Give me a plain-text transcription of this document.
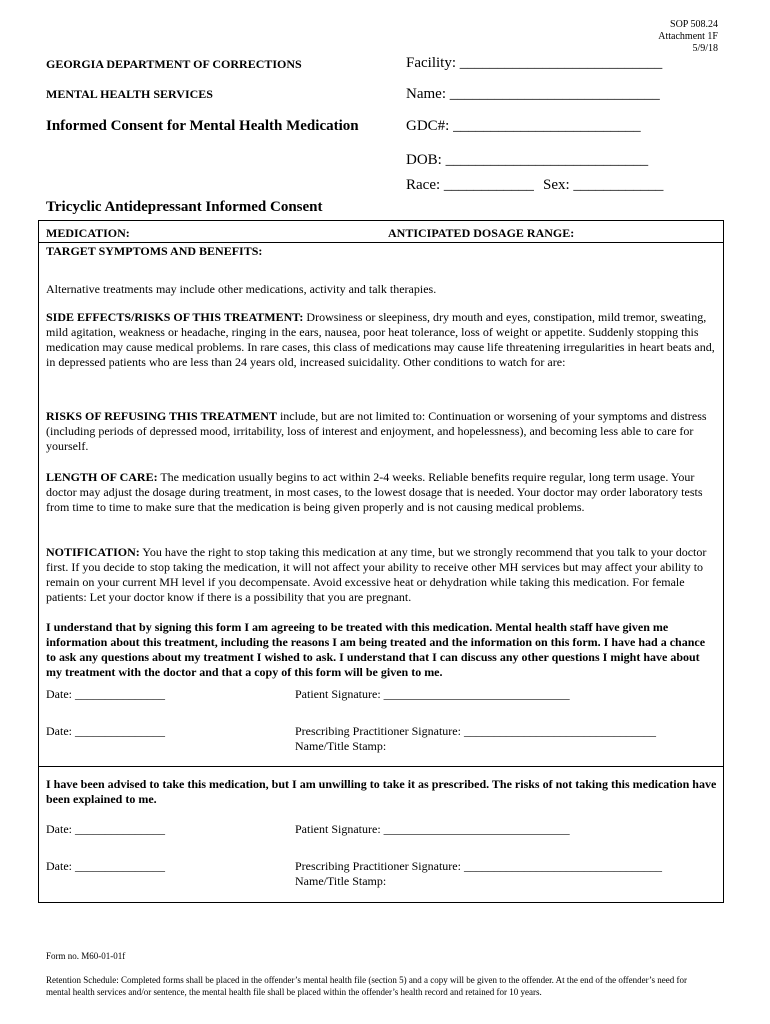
SOP 508.24
Attachment 1F
5/9/18
GEORGIA DEPARTMENT OF CORRECTIONS
MENTAL HEALTH SERVICES
Informed Consent for Mental Health Medication
Tricyclic Antidepressant Informed Consent
Facility: ___________________________
Name: ____________________________
GDC#: _________________________
DOB: ___________________________
Race: ____________ Sex: ____________
MEDICATION:	ANTICIPATED DOSAGE RANGE:
TARGET SYMPTOMS AND BENEFITS:
Alternative treatments may include other medications, activity and talk therapies.
SIDE EFFECTS/RISKS OF THIS TREATMENT: Drowsiness or sleepiness, dry mouth and eyes, constipation, mild tremor, sweating, mild agitation, weakness or headache, ringing in the ears, nausea, poor heat tolerance, loss of weight or appetite. Suddenly stopping this medication may cause medical problems. In rare cases, this class of medications may cause life threatening irregularities in heart beats and, in depressed patients who are less than 24 years old, increased suicidality. Other conditions to watch for are:
RISKS OF REFUSING THIS TREATMENT include, but are not limited to: Continuation or worsening of your symptoms and distress (including periods of depressed mood, irritability, loss of interest and enjoyment, and hopelessness), and becoming less able to care for yourself.
LENGTH OF CARE: The medication usually begins to act within 2-4 weeks. Reliable benefits require regular, long term usage. Your doctor may adjust the dosage during treatment, in most cases, to the lowest dosage that is needed. Your doctor may order laboratory tests from time to time to make sure that the medication is being given properly and is not causing medical problems.
NOTIFICATION: You have the right to stop taking this medication at any time, but we strongly recommend that you talk to your doctor first. If you decide to stop taking the medication, it will not affect your ability to receive other MH services but may affect your ability to remain on your current MH level if you decompensate. Avoid excessive heat or dehydration while taking this medication. For female patients: Let your doctor know if there is a possibility that you are pregnant.
I understand that by signing this form I am agreeing to be treated with this medication. Mental health staff have given me information about this treatment, including the reasons I am being treated and the information on this form. I have had a chance to ask any questions about my treatment I wished to ask. I understand that I can discuss any other questions I might have about my treatment with the doctor and that a copy of this form will be given to me.
Date: _______________	Patient Signature: _______________________________
Date: _______________	Prescribing Practitioner Signature: ________________________________
Name/Title Stamp:
I have been advised to take this medication, but I am unwilling to take it as prescribed. The risks of not taking this medication have been explained to me.
Date: _______________	Patient Signature: _______________________________
Date: _______________	Prescribing Practitioner Signature: _________________________________
Name/Title Stamp:
Form no. M60-01-01f
Retention Schedule: Completed forms shall be placed in the offender’s mental health file (section 5) and a copy will be given to the offender. At the end of the offender’s need for mental health services and/or sentence, the mental health file shall be placed within the offender’s health record and retained for 10 years.
